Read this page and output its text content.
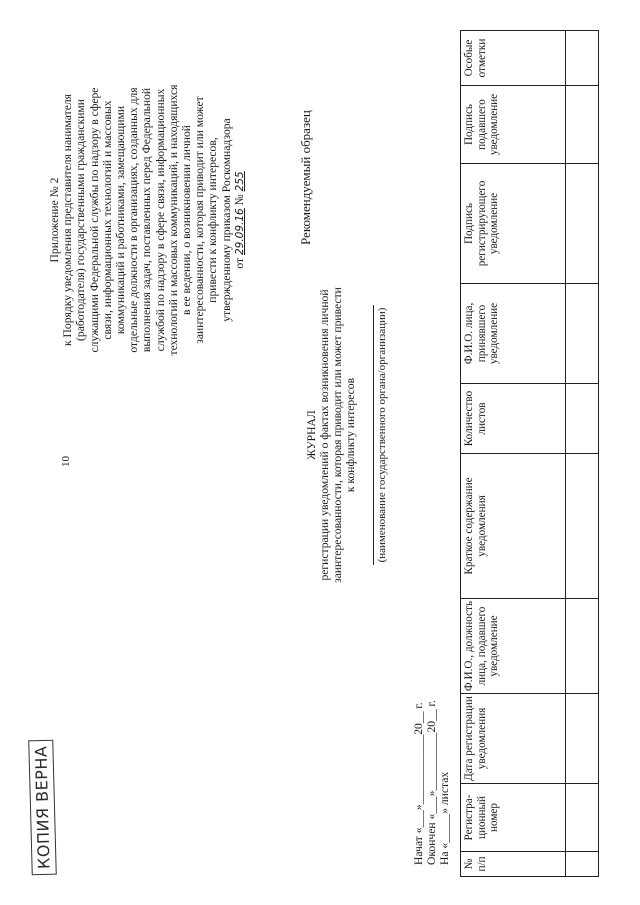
10
КОПИЯ ВЕРНА
Приложение № 2 к Порядку уведомления представителя нанимателя (работодателя) государственными гражданскими служащими Федеральной службы по надзору в сфере связи, информационных технологий и массовых коммуникаций и работниками, замещающими отдельные должности в организациях, созданных для выполнения задач, поставленных перед Федеральной службой по надзору в сфере связи, информационных технологий и массовых коммуникаций, и находящихся в ее ведении, о возникновении личной заинтересованности, которая приводит или может привести к конфликту интересов, утвержденному приказом Роскомнадзора от 29.09.16 № 255	Рекомендуемый образец
ЖУРНАЛ регистрации уведомлений о фактах возникновения личной заинтересованности, которая приводит или может привести к конфликту интересов (наименование государственного органа/организации)
Начат «___»____________20__ г. Окончен «___»__________20__ г. На «_____» листах № п/п	Регистра-ционный номер	Дата регистрации уведомления	Ф.И.О., должность лица, подавшего уведомление	Краткое содержание уведомления	Количество листов	Ф.И.О. лица, принявшего уведомление	Подпись регистрирующего уведомление	Подпись подавшего уведомление	Особые отметки
